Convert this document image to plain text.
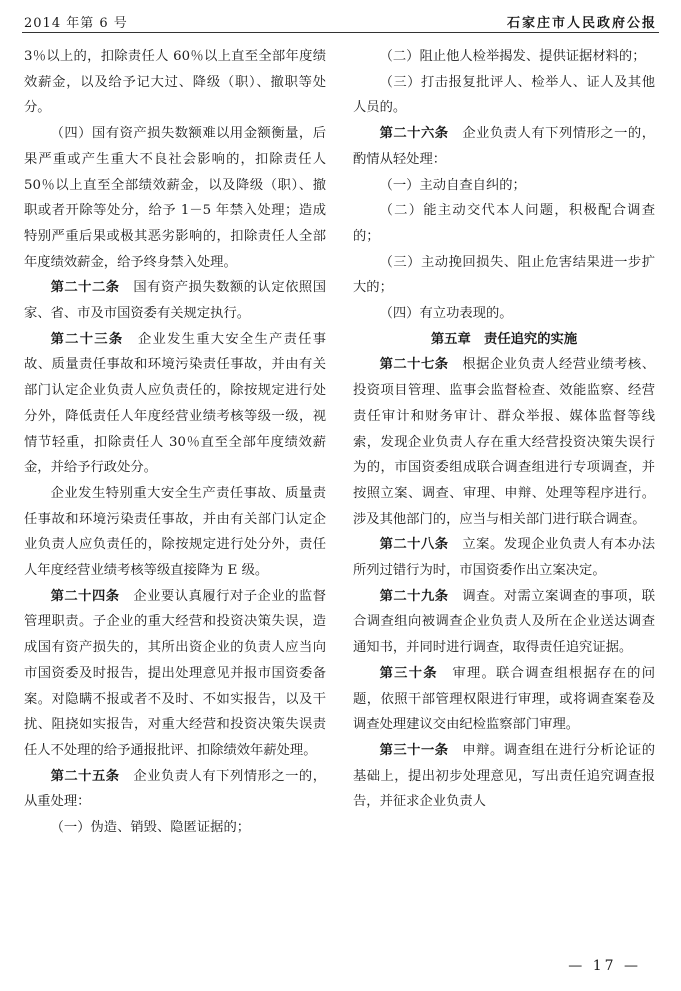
2014 年第 6 号	石家庄市人民政府公报

3％以上的，扣除责任人 60％以上直至全部年度绩效薪金，以及给予记大过、降级（职）、撤职等处分。

（四）国有资产损失数额难以用金额衡量，后果严重或产生重大不良社会影响的，扣除责任人 50％以上直至全部绩效薪金，以及降级（职）、撤职或者开除等处分，给予 1－5 年禁入处理；造成特别严重后果或极其恶劣影响的，扣除责任人全部年度绩效薪金，给予终身禁入处理。

第二十二条　国有资产损失数额的认定依照国家、省、市及市国资委有关规定执行。

第二十三条　企业发生重大安全生产责任事故、质量责任事故和环境污染责任事故，并由有关部门认定企业负责人应负责任的，除按规定进行处分外，降低责任人年度经营业绩考核等级一级，视情节轻重，扣除责任人 30％直至全部年度绩效薪金，并给予行政处分。

企业发生特别重大安全生产责任事故、质量责任事故和环境污染责任事故，并由有关部门认定企业负责人应负责任的，除按规定进行处分外，责任人年度经营业绩考核等级直接降为 E 级。

第二十四条　企业要认真履行对子企业的监督管理职责。子企业的重大经营和投资决策失误，造成国有资产损失的，其所出资企业的负责人应当向市国资委及时报告，提出处理意见并报市国资委备案。对隐瞒不报或者不及时、不如实报告，以及干扰、阻挠如实报告，对重大经营和投资决策失误责任人不处理的给予通报批评、扣除绩效年薪处理。

第二十五条　企业负责人有下列情形之一的，从重处理：

（一）伪造、销毁、隐匿证据的；

（二）阻止他人检举揭发、提供证据材料的；

（三）打击报复批评人、检举人、证人及其他人员的。

第二十六条　企业负责人有下列情形之一的，酌情从轻处理：

（一）主动自查自纠的；

（二）能主动交代本人问题，积极配合调查的；

（三）主动挽回损失、阻止危害结果进一步扩大的；

（四）有立功表现的。

第五章　责任追究的实施

第二十七条　根据企业负责人经营业绩考核、投资项目管理、监事会监督检查、效能监察、经营责任审计和财务审计、群众举报、媒体监督等线索，发现企业负责人存在重大经营投资决策失误行为的，市国资委组成联合调查组进行专项调查，并按照立案、调查、审理、申辩、处理等程序进行。涉及其他部门的，应当与相关部门进行联合调查。

第二十八条　立案。发现企业负责人有本办法所列过错行为时，市国资委作出立案决定。

第二十九条　调查。对需立案调查的事项，联合调查组向被调查企业负责人及所在企业送达调查通知书，并同时进行调查，取得责任追究证据。

第三十条　审理。联合调查组根据存在的问题，依照干部管理权限进行审理，或将调查案卷及调查处理建议交由纪检监察部门审理。

第三十一条　申辩。调查组在进行分析论证的基础上，提出初步处理意见，写出责任追究调查报告，并征求企业负责人

— 17 —
